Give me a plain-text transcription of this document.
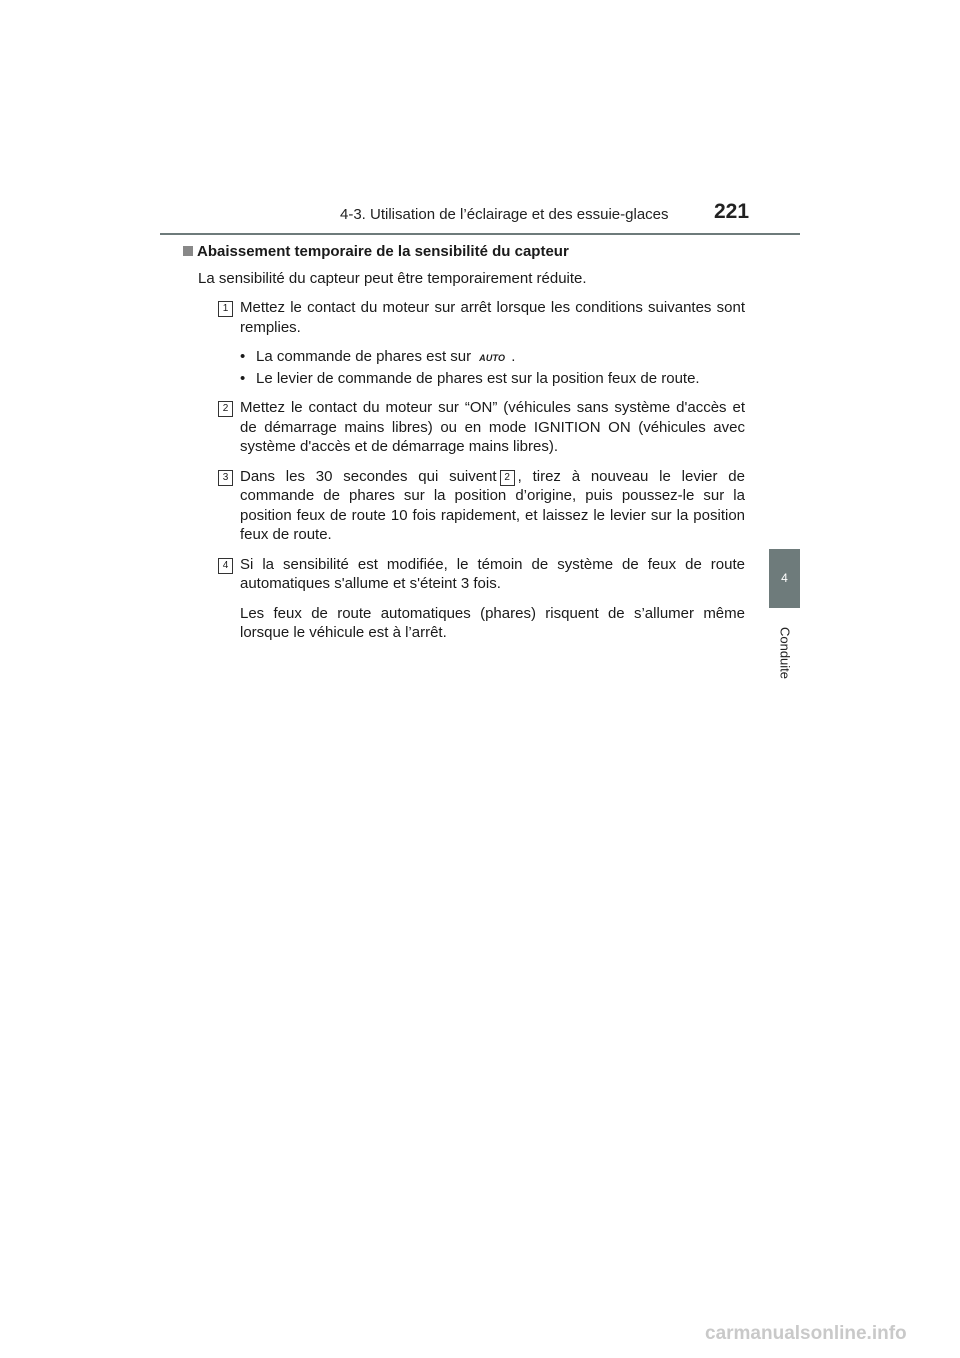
4-3. Utilisation de l’éclairage et des essuie-glaces 221
4
Conduite
Abaissement temporaire de la sensibilité du capteur
La sensibilité du capteur peut être temporairement réduite.
1 Mettez le contact du moteur sur arrêt lorsque les conditions suivantes sont remplies.
• La commande de phares est sur AUTO .
• Le levier de commande de phares est sur la position feux de route.
2 Mettez le contact du moteur sur “ON” (véhicules sans système d'accès et de démarrage mains libres) ou en mode IGNITION ON (véhicules avec système d'accès et de démarrage mains libres).
3 Dans les 30 secondes qui suivent 2 , tirez à nouveau le levier de commande de phares sur la position d’origine, puis poussez-le sur la position feux de route 10 fois rapidement, et laissez le levier sur la position feux de route.
4 Si la sensibilité est modifiée, le témoin de système de feux de route automatiques s'allume et s'éteint 3 fois.
Les feux de route automatiques (phares) risquent de s’allumer même lorsque le véhicule est à l’arrêt.
carmanualsonline.info
